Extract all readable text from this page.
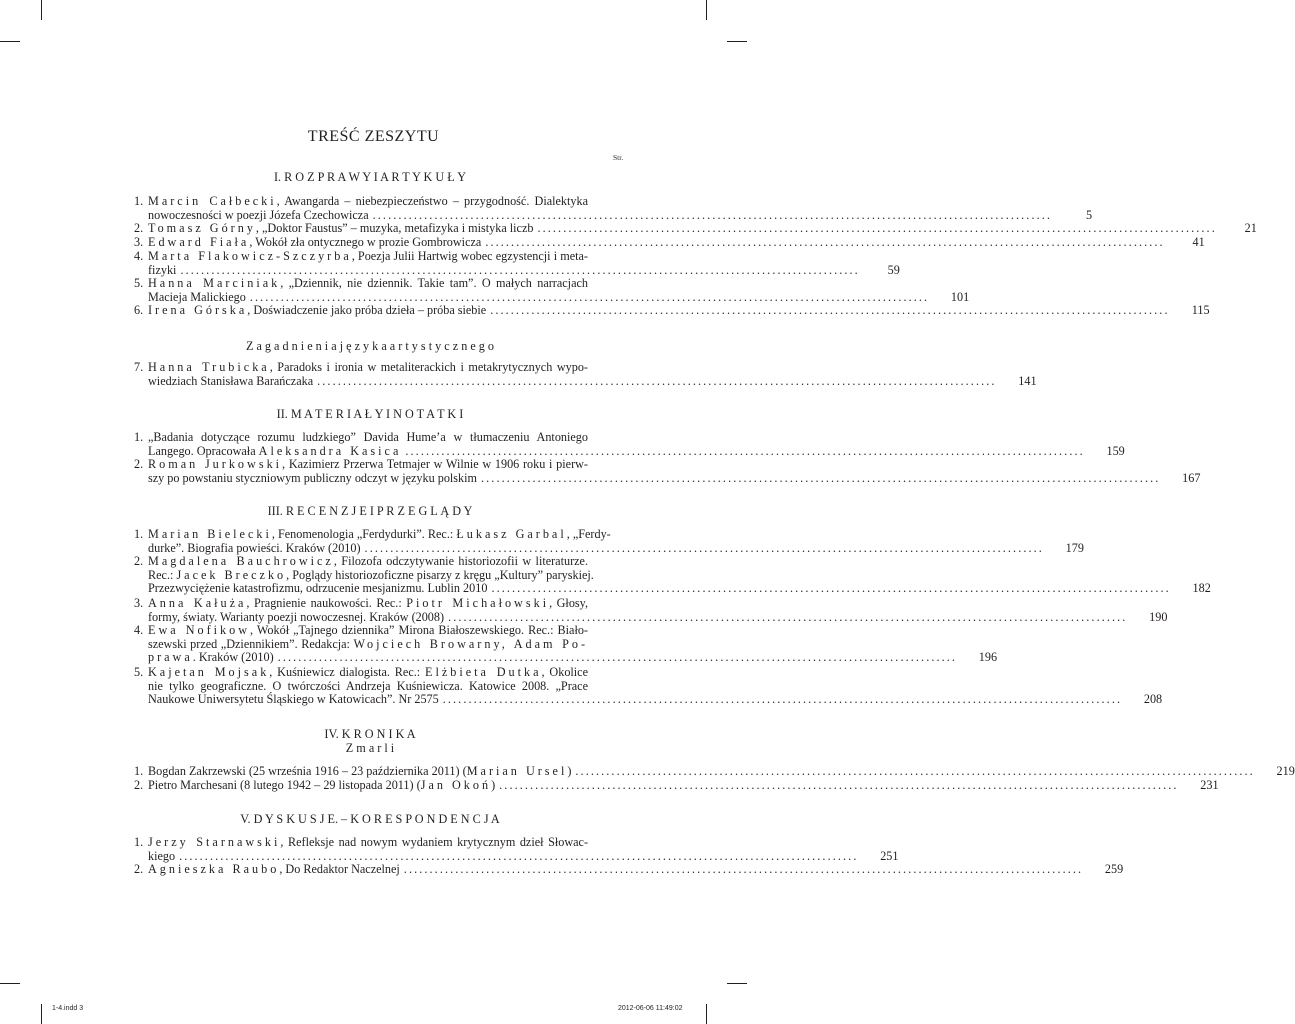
TREŚĆ ZESZYTU
Str.
I. R O Z P R A W Y I A R T Y K U Ł Y
1. Marcin Całbecki, Awangarda – niebezpieczeństwo – przygodność. Dialektyka
nowoczesności w poezji Józefa Czechowicza ....................................................................................................................................	5
2. Tomasz Górny, „Doktor Faustus” – muzyka, metafizyka i mistyka liczb ....................................................................................................................................	21
3. Edward Fiała, Wokół zła ontycznego w prozie Gombrowicza ....................................................................................................................................	41
4. Marta Flakowicz-Szczyrba, Poezja Julii Hartwig wobec egzystencji i meta-
fizyki ....................................................................................................................................	59
5. Hanna Marciniak, „Dziennik, nie dziennik. Takie tam”. O małych narracjach
Macieja Malickiego ....................................................................................................................................	101
6. Irena Górska, Doświadczenie jako próba dzieła – próba siebie ....................................................................................................................................	115
Z a g a d n i e n i a j ę z y k a a r t y s t y c z n e g o
7. Hanna Trubicka, Paradoks i ironia w metaliterackich i metakrytycznych wypo-
wiedziach Stanisława Barańczaka ....................................................................................................................................	141
II. M A T E R I A Ł Y I N O T A T K I
1. „Badania dotyczące rozumu ludzkiego” Davida Hume’a w tłumaczeniu Antoniego
Langego. Opracowała Aleksandra Kasica ....................................................................................................................................	159
2. Roman Jurkowski, Kazimierz Przerwa Tetmajer w Wilnie w 1906 roku i pierw-
szy po powstaniu styczniowym publiczny odczyt w języku polskim ....................................................................................................................................	167
III. R E C E N Z J E I P R Z E G L Ą D Y
1. Marian Bielecki, Fenomenologia „Ferdydurki”. Rec.: Łukasz Garbal, „Ferdy-
durke”. Biografia powieści. Kraków (2010) ....................................................................................................................................	179
2. Magdalena Bauchrowicz, Filozofa odczytywanie historiozofii w literaturze.
Rec.: Jacek Breczko, Poglądy historiozoficzne pisarzy z kręgu „Kultury” paryskiej.
Przezwyciężenie katastrofizmu, odrzucenie mesjanizmu. Lublin 2010 ....................................................................................................................................	182
3. Anna Kałuża, Pragnienie naukowości. Rec.: Piotr Michałowski, Głosy,
formy, światy. Warianty poezji nowoczesnej. Kraków (2008) ....................................................................................................................................	190
4. Ewa Nofikow, Wokół „Tajnego dziennika” Mirona Białoszewskiego. Rec.: Biało-
szewski przed „Dziennikiem”. Redakcja: Wojciech Browarny, Adam Po-
prawa. Kraków (2010) ....................................................................................................................................	196
5. Kajetan Mojsak, Kuśniewicz dialogista. Rec.: Elżbieta Dutka, Okolice
nie tylko geograficzne. O twórczości Andrzeja Kuśniewicza. Katowice 2008. „Prace
Naukowe Uniwersytetu Śląskiego w Katowicach”. Nr 2575 ....................................................................................................................................	208
IV. K R O N I K A
Z m a r l i
1. Bogdan Zakrzewski (25 września 1916 – 23 października 2011) (Marian Ursel) ....................................................................................................................................	219
2. Pietro Marchesani (8 lutego 1942 – 29 listopada 2011) (Jan Okoń) ....................................................................................................................................	231
V. D Y S K U S J E. – K O R E S P O N D E N C J A
1. Jerzy Starnawski, Refleksje nad nowym wydaniem krytycznym dzieł Słowac-
kiego ....................................................................................................................................	251
2. Agnieszka Raubo, Do Redaktor Naczelnej ....................................................................................................................................	259
1-4.indd 3	2012-06-06 11:49:02
